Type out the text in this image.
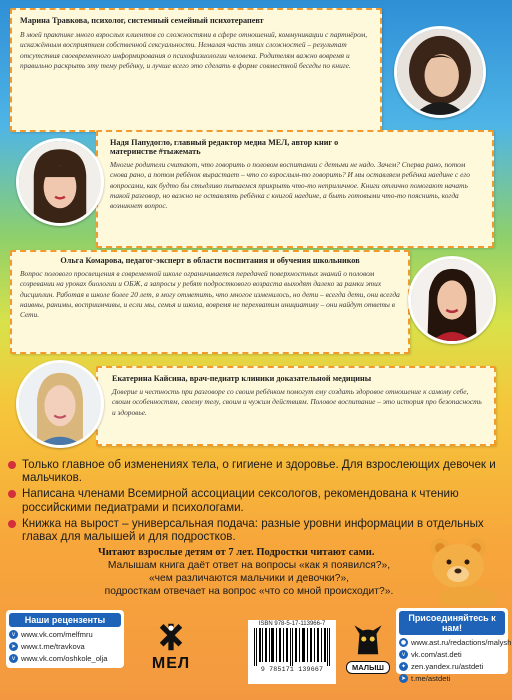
Марина Травкова, психолог, системный семейный психотерапевт
В моей практике много взрослых клиентов со сложностями в сфере отношений, коммуникации с партнёром, искажённым восприятием собственной сексуальности. Немалая часть этих сложностей – результат отсутствия своевременного информирования о психофизиологии человека. Родителям важно вовремя и правильно раскрыть эту тему ребёнку, и лучше всего это сделать в форме совместной беседы по книге.
Надя Папудогло, главный редактор медиа МЕЛ, автор книг о материнстве #тыжемать
Многие родители считают, что говорить о половом воспитании с детьми не надо. Зачем? Сперва рано, потом снова рано, а потом ребёнок вырастает – что со взрослым-то говорить? И мы оставляем ребёнка наедине с его вопросами, как будто бы стыдливо пытаемся прикрыть что-то неприличное. Книги отлично помогают начать такой разговор, но важно не оставлять ребёнка с книгой наедине, а быть готовыми что-то пояснить, когда возникнет вопрос.
Ольга Комарова, педагог-эксперт в области воспитания и обучения школьников
Вопрос полового просвещения в современной школе ограничивается передачей поверхностных знаний о половом созревании на уроках биологии и ОБЖ, а запросы у ребят подросткового возраста выходят далеко за рамки этих дисциплин. Работая в школе более 20 лет, я могу отметить, что многое изменилось, но дети – всегда дети, они всегда наивны, ранимы, восприимчивы, и если мы, семья и школа, вовремя не перехватим инициативу – они найдут ответы в Сети.
Екатерина Кайсина, врач-педиатр клиники доказательной медицины
Доверие и честность при разговоре со своим ребёнком помогут ему создать здоровое отношение к самому себе, своим особенностям, своему телу, своим и чужим действиям. Половое воспитание – это история про безопасность и здоровье.
Только главное об изменениях тела, о гигиене и здоровье. Для взрослеющих девочек и мальчиков.
Написана членами Всемирной ассоциации сексологов, рекомендована к чтению российскими педиатрами и психологами.
Книжка на вырост – универсальная подача: разные уровни информации в отдельных главах для малышей и для подростков.
Читают взрослые детям от 7 лет. Подростки читают сами.
Малышам книга даёт ответ на вопросы «как я появился?»,
«чем различаются мальчики и девочки?»,
подросткам отвечает на вопрос «что со мной происходит?».
Наши рецензенты
v www.vk.com/melfmru
➤ www.t.me/travkova
v www.vk.com/oshkole_olja	МЕЛ
ISBN 978-5-17-113966-7
9 785171 139667	МАЛЫШ
Присоединяйтесь к нам!
● www.ast.ru/redactions/malysh
v vk.com/ast.deti
✦ zen.yandex.ru/astdeti
➤ t.me/astdeti
